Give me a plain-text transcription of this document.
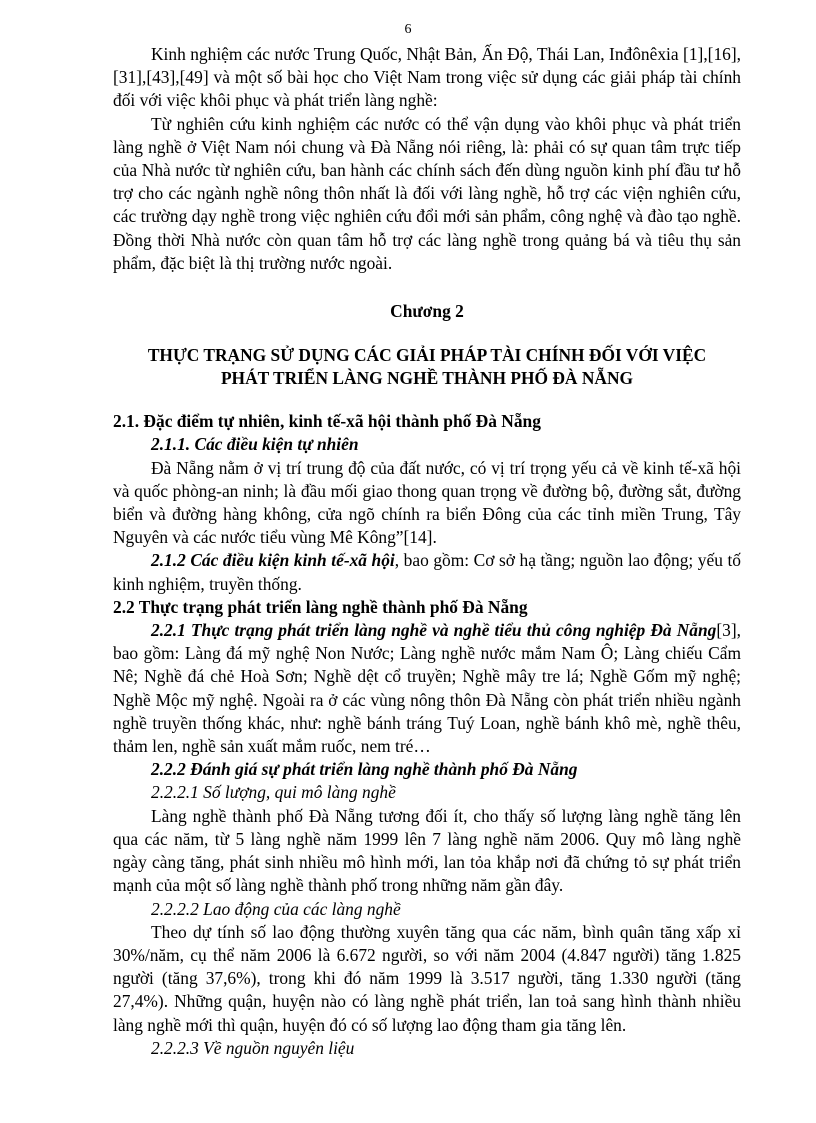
6

Kinh nghiệm các nước Trung Quốc, Nhật Bản, Ấn Độ, Thái Lan, Inđônêxia [1],[16],[31],[43],[49] và một số bài học cho Việt Nam trong việc sử dụng các giải pháp tài chính đối với việc khôi phục và phát triển làng nghề:

Từ nghiên cứu kinh nghiệm các nước có thể vận dụng vào khôi phục và phát triển làng nghề ở Việt Nam nói chung và Đà Nẵng nói riêng, là: phải có sự quan tâm trực tiếp của Nhà nước từ nghiên cứu, ban hành các chính sách đến dùng nguồn kinh phí đầu tư hỗ trợ cho các ngành nghề nông thôn nhất là đối với làng nghề, hỗ trợ các viện nghiên cứu, các trường dạy nghề trong việc nghiên cứu đổi mới sản phẩm, công nghệ và đào tạo nghề. Đồng thời Nhà nước còn quan tâm hỗ trợ các làng nghề trong quảng bá và tiêu thụ sản phẩm, đặc biệt là thị trường nước ngoài.

Chương 2

THỰC TRẠNG SỬ DỤNG CÁC GIẢI PHÁP TÀI CHÍNH ĐỐI VỚI VIỆC
PHÁT TRIỂN LÀNG NGHỀ THÀNH PHỐ ĐÀ NẴNG

2.1. Đặc điểm tự nhiên, kinh tế-xã hội thành phố Đà Nẵng

2.1.1. Các điều kiện tự nhiên

Đà Nẵng nằm ở vị trí trung độ của đất nước, có vị trí trọng yếu cả về kinh tế-xã hội và quốc phòng-an ninh; là đầu mối giao thong quan trọng về đường bộ, đường sắt, đường biển và đường hàng không, cửa ngõ chính ra biển Đông của các tỉnh miền Trung, Tây Nguyên và các nước tiểu vùng Mê Kông”[14].

2.1.2 Các điều kiện kinh tế-xã hội, bao gồm: Cơ sở hạ tầng; nguồn lao động; yếu tố kinh nghiệm, truyền thống.

2.2 Thực trạng phát triển làng nghề thành phố Đà Nẵng

2.2.1 Thực trạng phát triển làng nghề và nghề tiểu thủ công nghiệp Đà Nẵng[3], bao gồm: Làng đá mỹ nghệ Non Nước; Làng nghề nước mắm Nam Ô; Làng chiếu Cẩm Nê; Nghề đá chẻ Hoà Sơn; Nghề dệt cổ truyền; Nghề mây tre lá; Nghề Gốm mỹ nghệ; Nghề Mộc mỹ nghệ. Ngoài ra ở các vùng nông thôn Đà Nẵng còn phát triển nhiều ngành nghề truyền thống khác, như: nghề bánh tráng Tuý Loan, nghề bánh khô mè, nghề thêu, thảm len, nghề sản xuất mắm ruốc, nem tré…

2.2.2 Đánh giá sự phát triển làng nghề thành phố Đà Nẵng

2.2.2.1 Số lượng, qui mô làng nghề

Làng nghề thành phố Đà Nẵng tương đối ít, cho thấy số lượng làng nghề tăng lên qua các năm, từ 5 làng nghề năm 1999 lên 7 làng nghề năm 2006. Quy mô làng nghề ngày càng tăng, phát sinh nhiều mô hình mới, lan tỏa khắp nơi đã chứng tỏ sự phát triển mạnh của một số làng nghề thành phố trong những năm gần đây.

2.2.2.2 Lao động của các làng nghề

Theo dự tính số lao động thường xuyên tăng qua các năm, bình quân tăng xấp xỉ 30%/năm, cụ thể năm 2006 là 6.672 người, so với năm 2004 (4.847 người) tăng 1.825 người (tăng 37,6%), trong khi đó năm 1999 là 3.517 người, tăng 1.330 người (tăng 27,4%). Những quận, huyện nào có làng nghề phát triển, lan toả sang hình thành nhiều làng nghề mới thì quận, huyện đó có số lượng lao động tham gia tăng lên.

2.2.2.3 Về nguồn nguyên liệu
